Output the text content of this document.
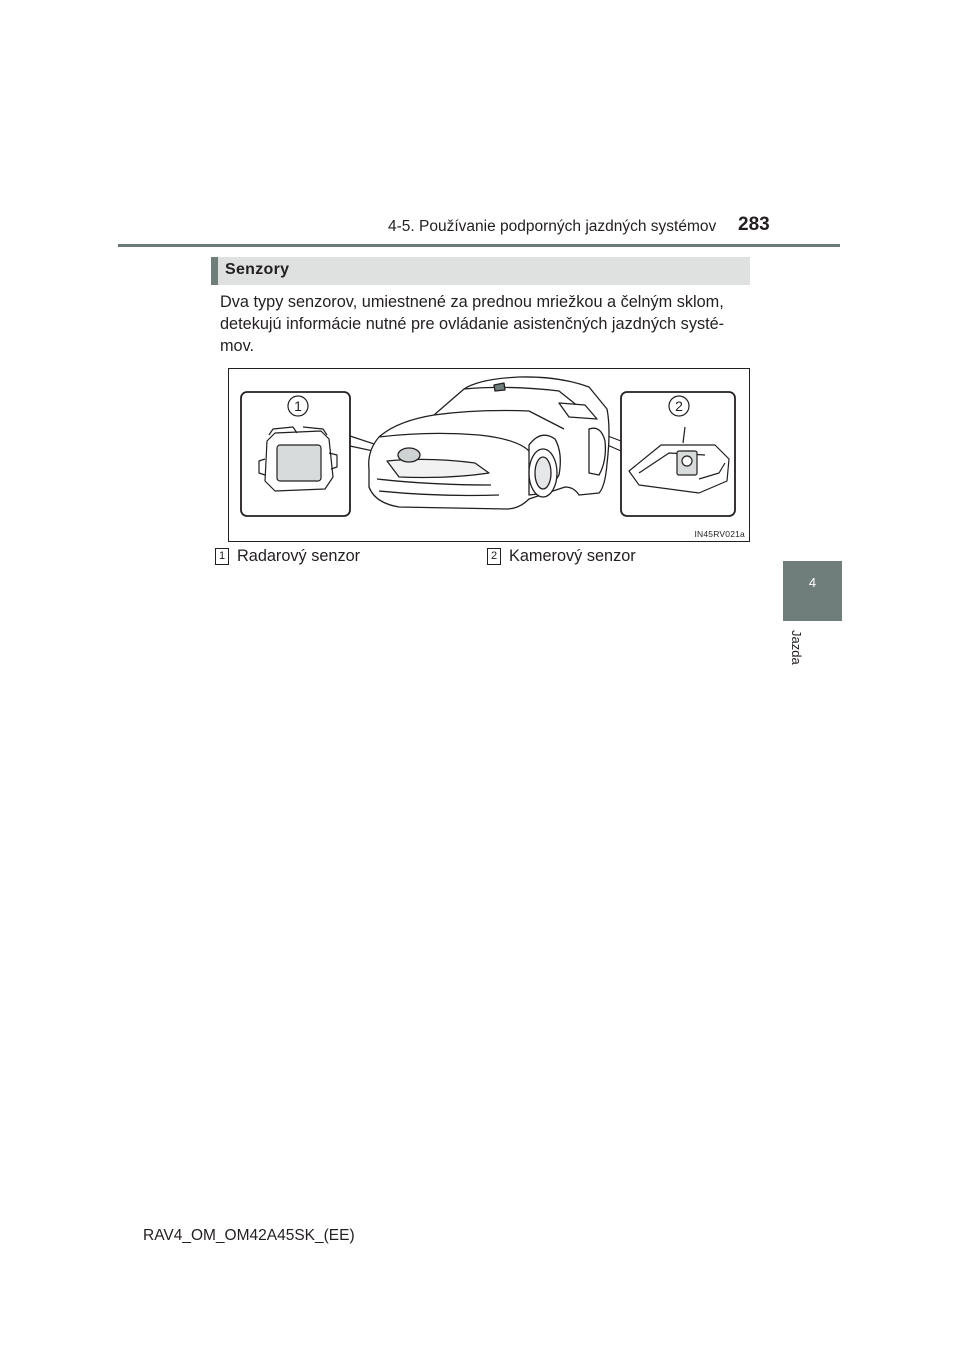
4-5. Používanie podporných jazdných systémov 283
4
Jazda
Senzory

Dva typy senzorov, umiestnené za prednou mriežkou a čelným sklom, detekujú informácie nutné pre ovládanie asistenčných jazdných systé-mov.

1	2
IN45RV021a
1 Radarový senzor	2 Kamerový senzor
RAV4_OM_OM42A45SK_(EE)
